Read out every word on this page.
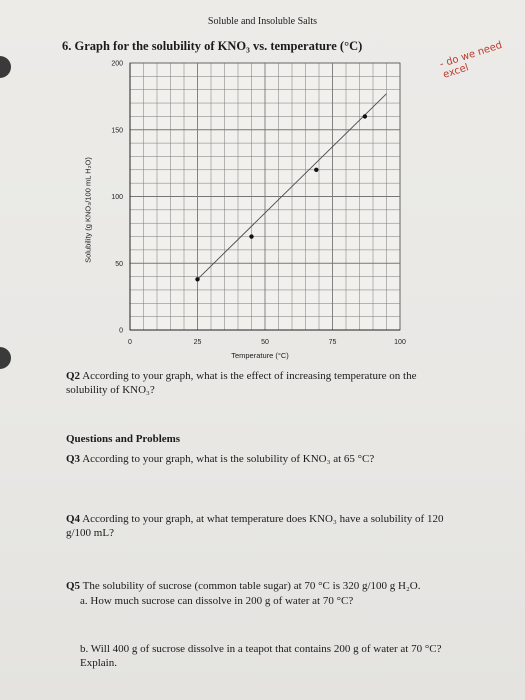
Soluble and Insoluble Salts
6. Graph for the solubility of KNO₃ vs. temperature (°C)	- do we need excel
0	25	50	75	100
0
50
100
150
200
Solubility (g KNO₃/100 mL H₂O)
Temperature (°C)
Q2 According to your graph, what is the effect of increasing temperature on the solubility of KNO₃?
Questions and Problems
Q3 According to your graph, what is the solubility of KNO₃ at 65 °C?
Q4 According to your graph, at what temperature does KNO₃ have a solubility of 120 g/100 mL?
Q5 The solubility of sucrose (common table sugar) at 70 °C is 320 g/100 g H₂O.
a. How much sucrose can dissolve in 200 g of water at 70 °C?
b. Will 400 g of sucrose dissolve in a teapot that contains 200 g of water at 70 °C? Explain.
